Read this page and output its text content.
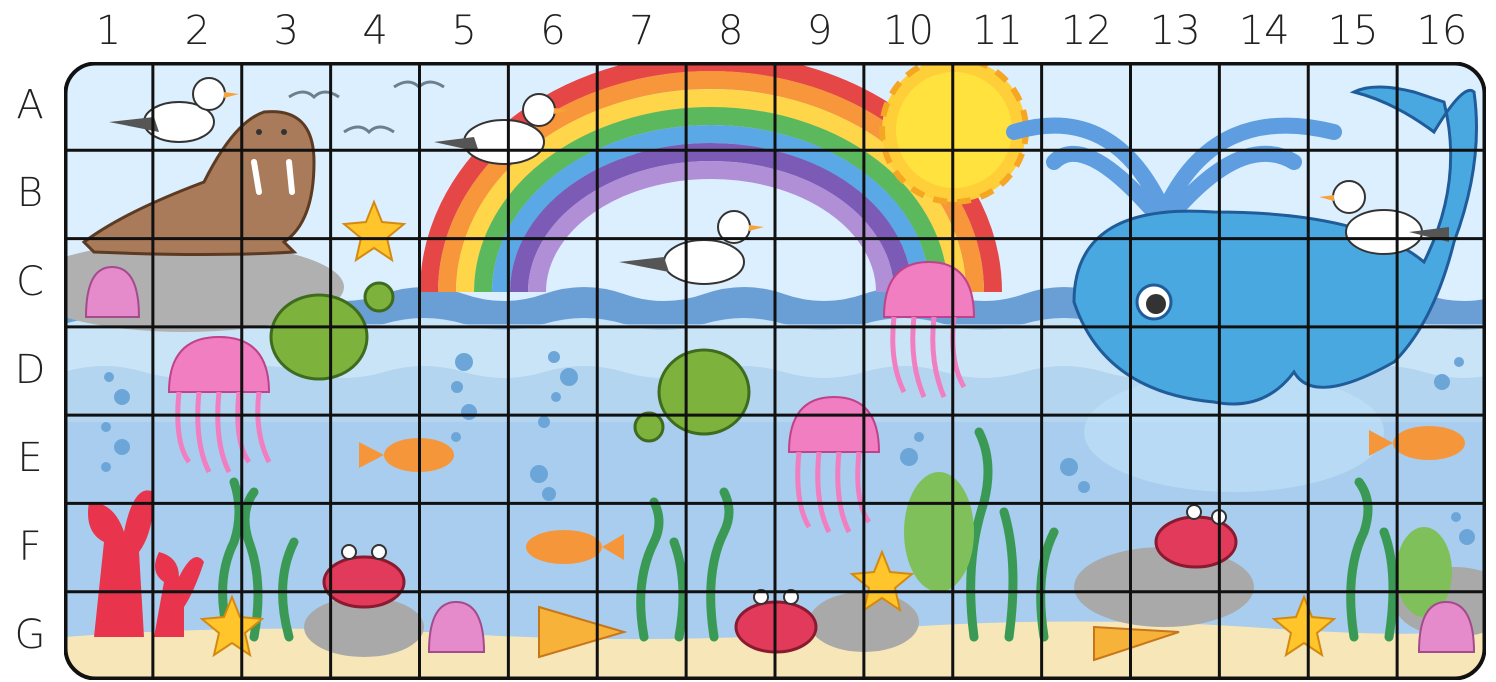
1	2	3	4	5	6	7	8	9	10 11 12 13 14 15 16
A
B
C
D
E
F
G
